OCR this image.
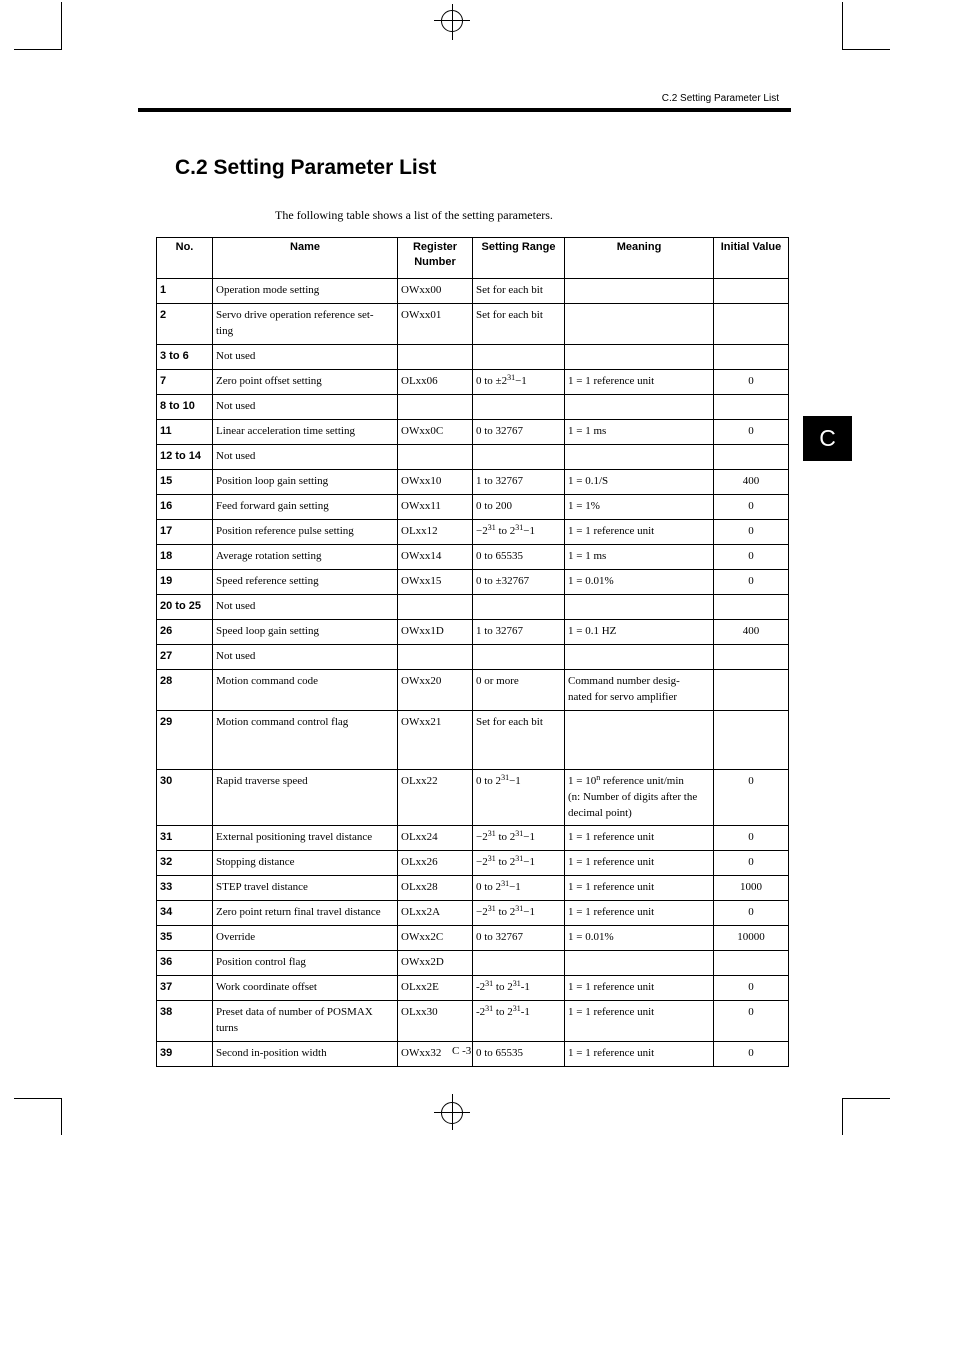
C.2 Setting Parameter List
C.2 Setting Parameter List
The following table shows a list of the setting parameters.
C
No.	Name	Register
Number	Setting Range	Meaning	Initial Value
1	Operation mode setting	OWxx00	Set for each bit		
2	Servo drive operation reference set-
ting	OWxx01	Set for each bit		
3 to 6	Not used				
7	Zero point offset setting	OLxx06	0 to $\pm 2^{31}-1$	1 = 1 reference unit	0
8 to 10	Not used				
11	Linear acceleration time setting	OWxx0C	0 to 32767	1 = 1 ms	0
12 to 14	Not used				
15	Position loop gain setting	OWxx10	1 to 32767	1 = 0.1/S	400
16	Feed forward gain setting	OWxx11	0 to 200	1 = 1%	0
17	Position reference pulse setting	OLxx12	$-2^{31}$ to $2^{31}-1$	1 = 1 reference unit	0
18	Average rotation setting	OWxx14	0 to 65535	1 = 1 ms	0
19	Speed reference setting	OWxx15	0 to ±32767	1 = 0.01%	0
20 to 25	Not used				
26	Speed loop gain setting	OWxx1D	1 to 32767	1 = 0.1 HZ	400
27	Not used				
28	Motion command code	OWxx20	0 or more	Command number desig-
nated for servo amplifier	
29	Motion command control flag	OWxx21	Set for each bit		
30	Rapid traverse speed	OLxx22	0 to $2^{31}-1$	$1 = 10^n$ reference unit/min
(n: Number of digits after the decimal point)	0
31	External positioning travel distance	OLxx24	$-2^{31}$ to $2^{31}-1$	1 = 1 reference unit	0
32	Stopping distance	OLxx26	$-2^{31}$ to $2^{31}-1$	1 = 1 reference unit	0
33	STEP travel distance	OLxx28	0 to $2^{31}-1$	1 = 1 reference unit	1000
34	Zero point return final travel distance	OLxx2A	$-2^{31}$ to $2^{31}-1$	1 = 1 reference unit	0
35	Override	OWxx2C	0 to 32767	1 = 0.01%	10000
36	Position control flag	OWxx2D			
37	Work coordinate offset	OLxx2E	$-2^{31}$ to $2^{31}-1$	1 = 1 reference unit	0
38	Preset data of number of POSMAX
turns	OLxx30	$-2^{31}$ to $2^{31}-1$	1 = 1 reference unit	0
39	Second in-position width	OWxx32	0 to 65535	1 = 1 reference unit	0
C -3
